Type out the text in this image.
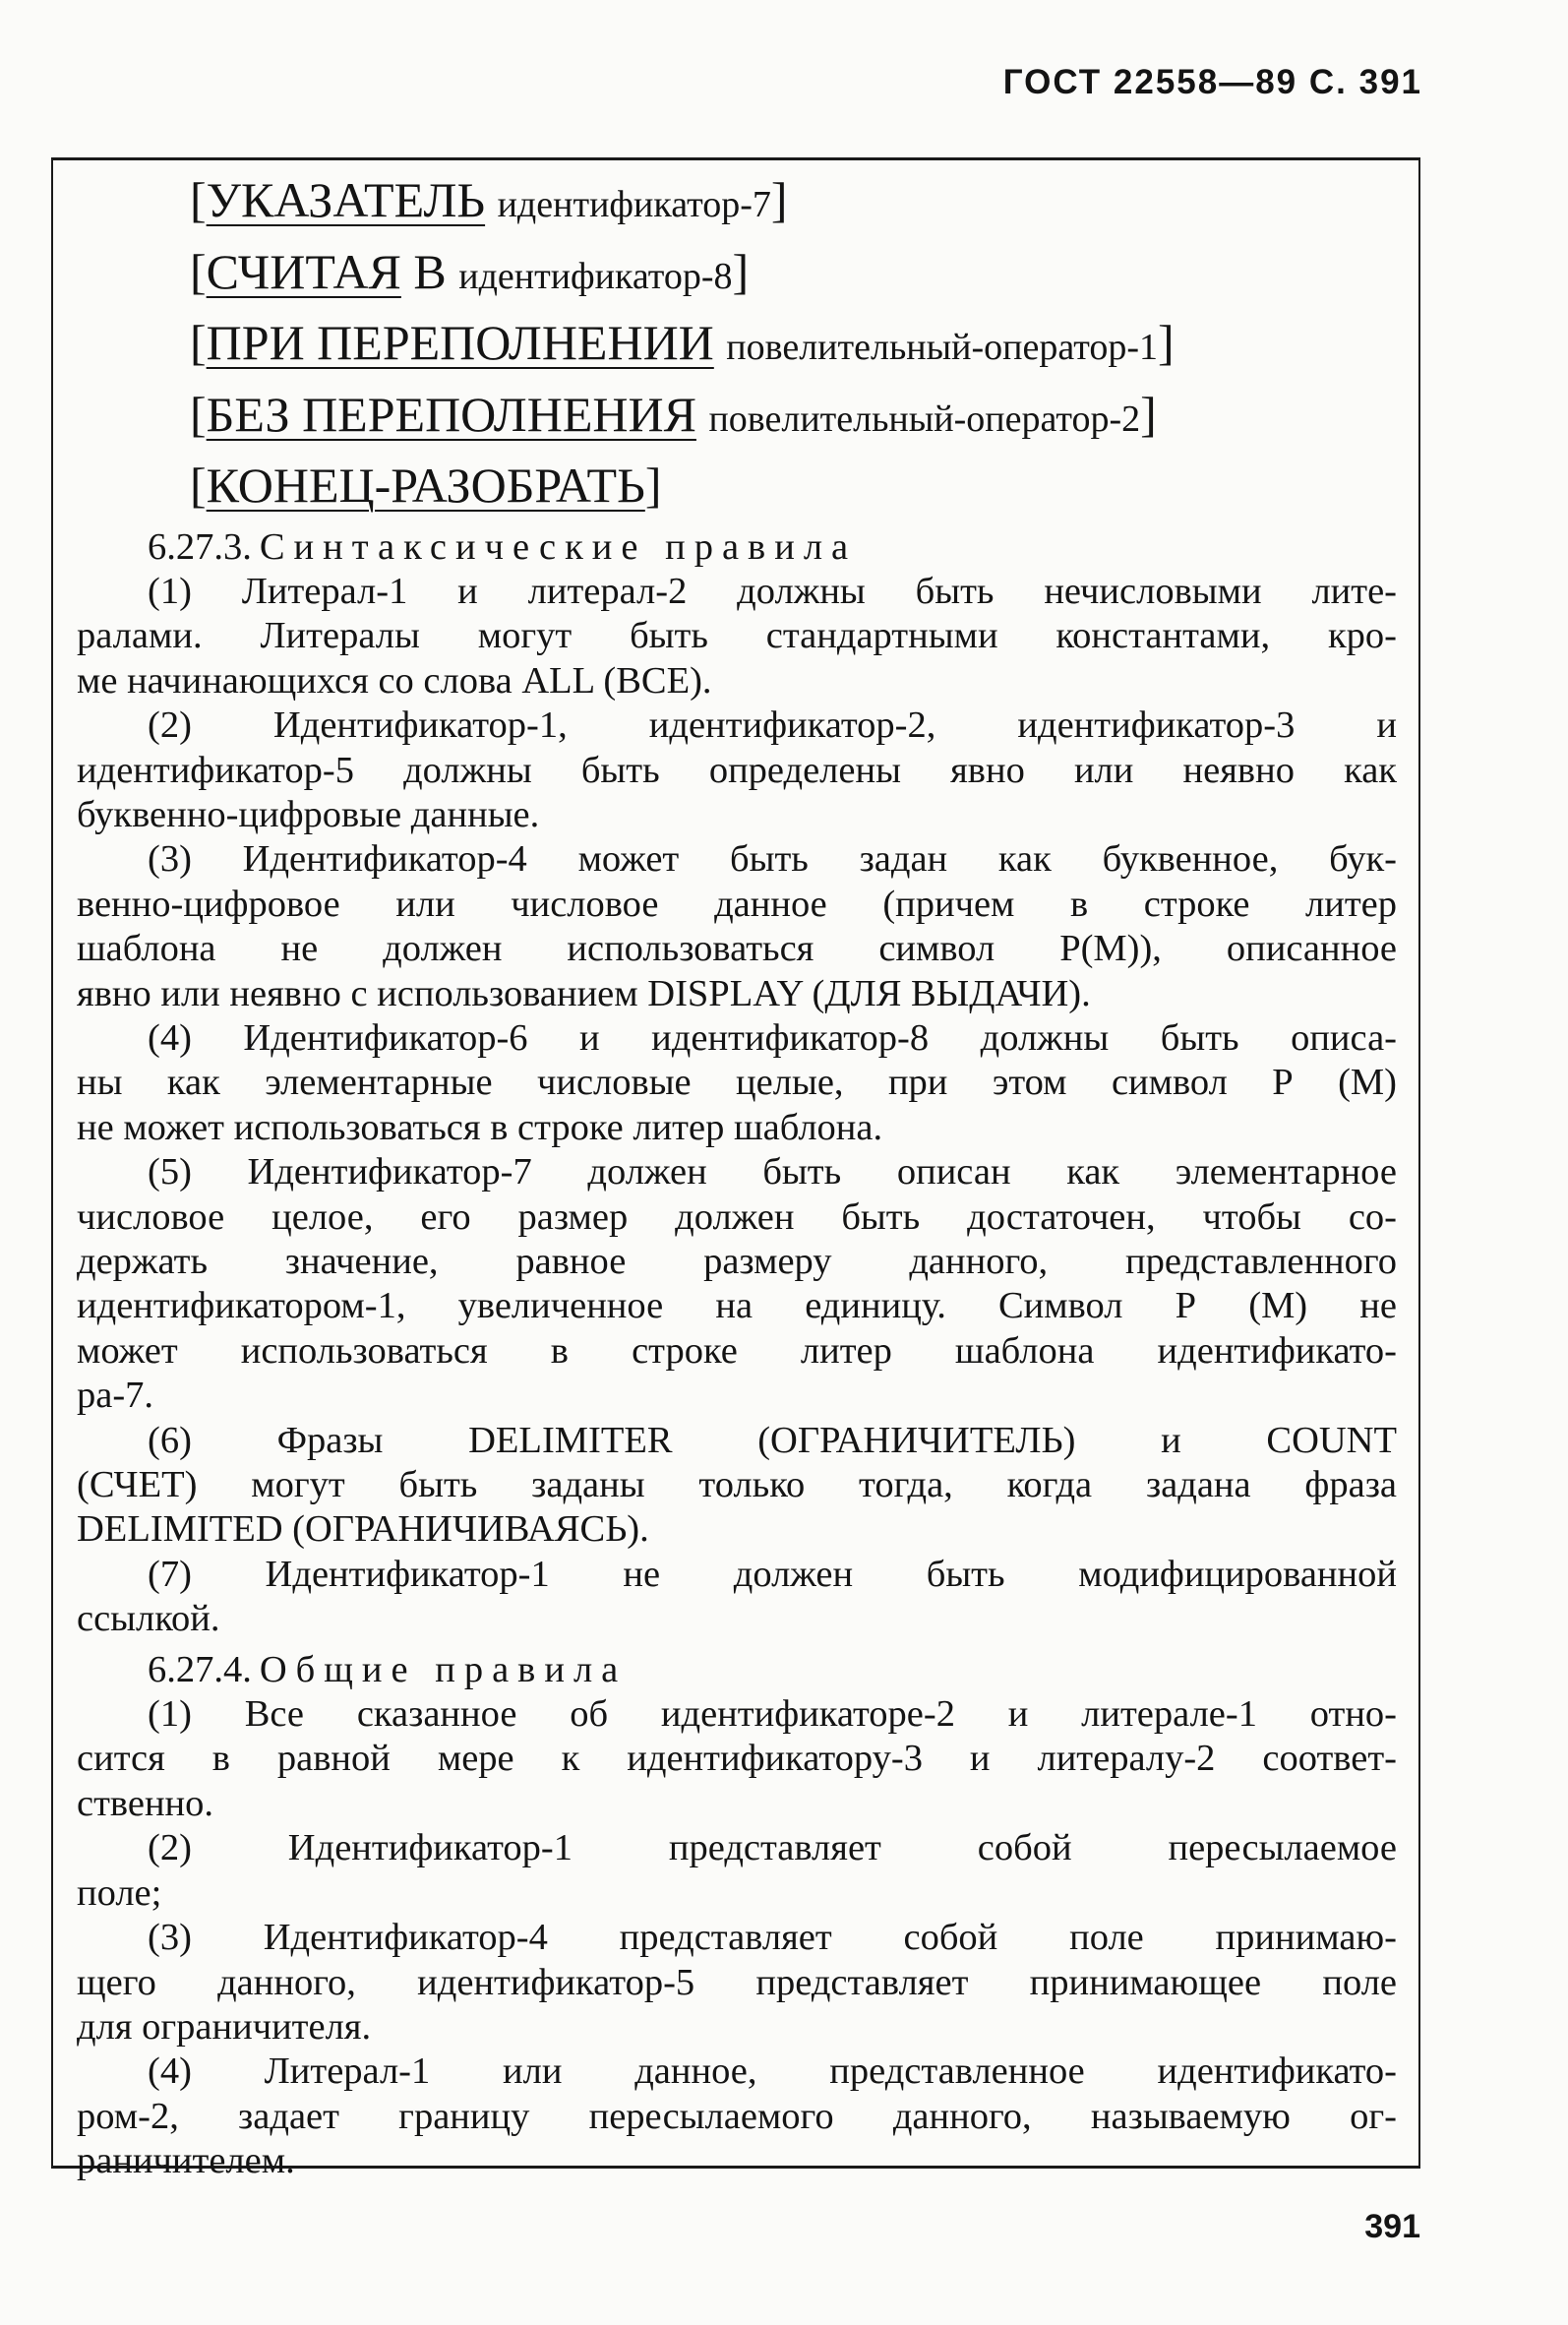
ГОСТ 22558—89 С. 391
[УКАЗАТЕЛЬ идентификатор-7]
[СЧИТАЯ В идентификатор-8]
[ПРИ ПЕРЕПОЛНЕНИИ повелительный-оператор-1]
[БЕЗ ПЕРЕПОЛНЕНИЯ повелительный-оператор-2]
[КОНЕЦ-РАЗОБРАТЬ]
6.27.3. Синтаксические правила
(1) Литерал-1 и литерал-2 должны быть нечисловыми лите-
ралами. Литералы могут быть стандартными константами, кро-
ме начинающихся со слова ALL (ВСЕ).
(2) Идентификатор-1, идентификатор-2, идентификатор-3 и
идентификатор-5 должны быть определены явно или неявно как
буквенно-цифровые данные.
(3) Идентификатор-4 может быть задан как буквенное, бук-
венно-цифровое или числовое данное (причем в строке литер
шаблона не должен использоваться символ Р(М)), описанное
явно или неявно с использованием DISPLAY (ДЛЯ ВЫДАЧИ).
(4) Идентификатор-6 и идентификатор-8 должны быть описа-
ны как элементарные числовые целые, при этом символ Р (М)
не может использоваться в строке литер шаблона.
(5) Идентификатор-7 должен быть описан как элементарное
числовое целое, его размер должен быть достаточен, чтобы со-
держать значение, равное размеру данного, представленного
идентификатором-1, увеличенное на единицу. Символ Р (М) не
может использоваться в строке литер шаблона идентификато-
ра-7.
(6) Фразы DELIMITER (ОГРАНИЧИТЕЛЬ) и COUNT
(СЧЕТ) могут быть заданы только тогда, когда задана фраза
DELIMITED (ОГРАНИЧИВАЯСЬ).
(7) Идентификатор-1 не должен быть модифицированной
ссылкой.
6.27.4. Общие правила
(1) Все сказанное об идентификаторе-2 и литерале-1 отно-
сится в равной мере к идентификатору-3 и литералу-2 соответ-
ственно.
(2) Идентификатор-1 представляет собой пересылаемое
поле;
(3) Идентификатор-4 представляет собой поле принимаю-
щего данного, идентификатор-5 представляет принимающее поле
для ограничителя.
(4) Литерал-1 или данное, представленное идентификато-
ром-2, задает границу пересылаемого данного, называемую ог-
раничителем.
391
